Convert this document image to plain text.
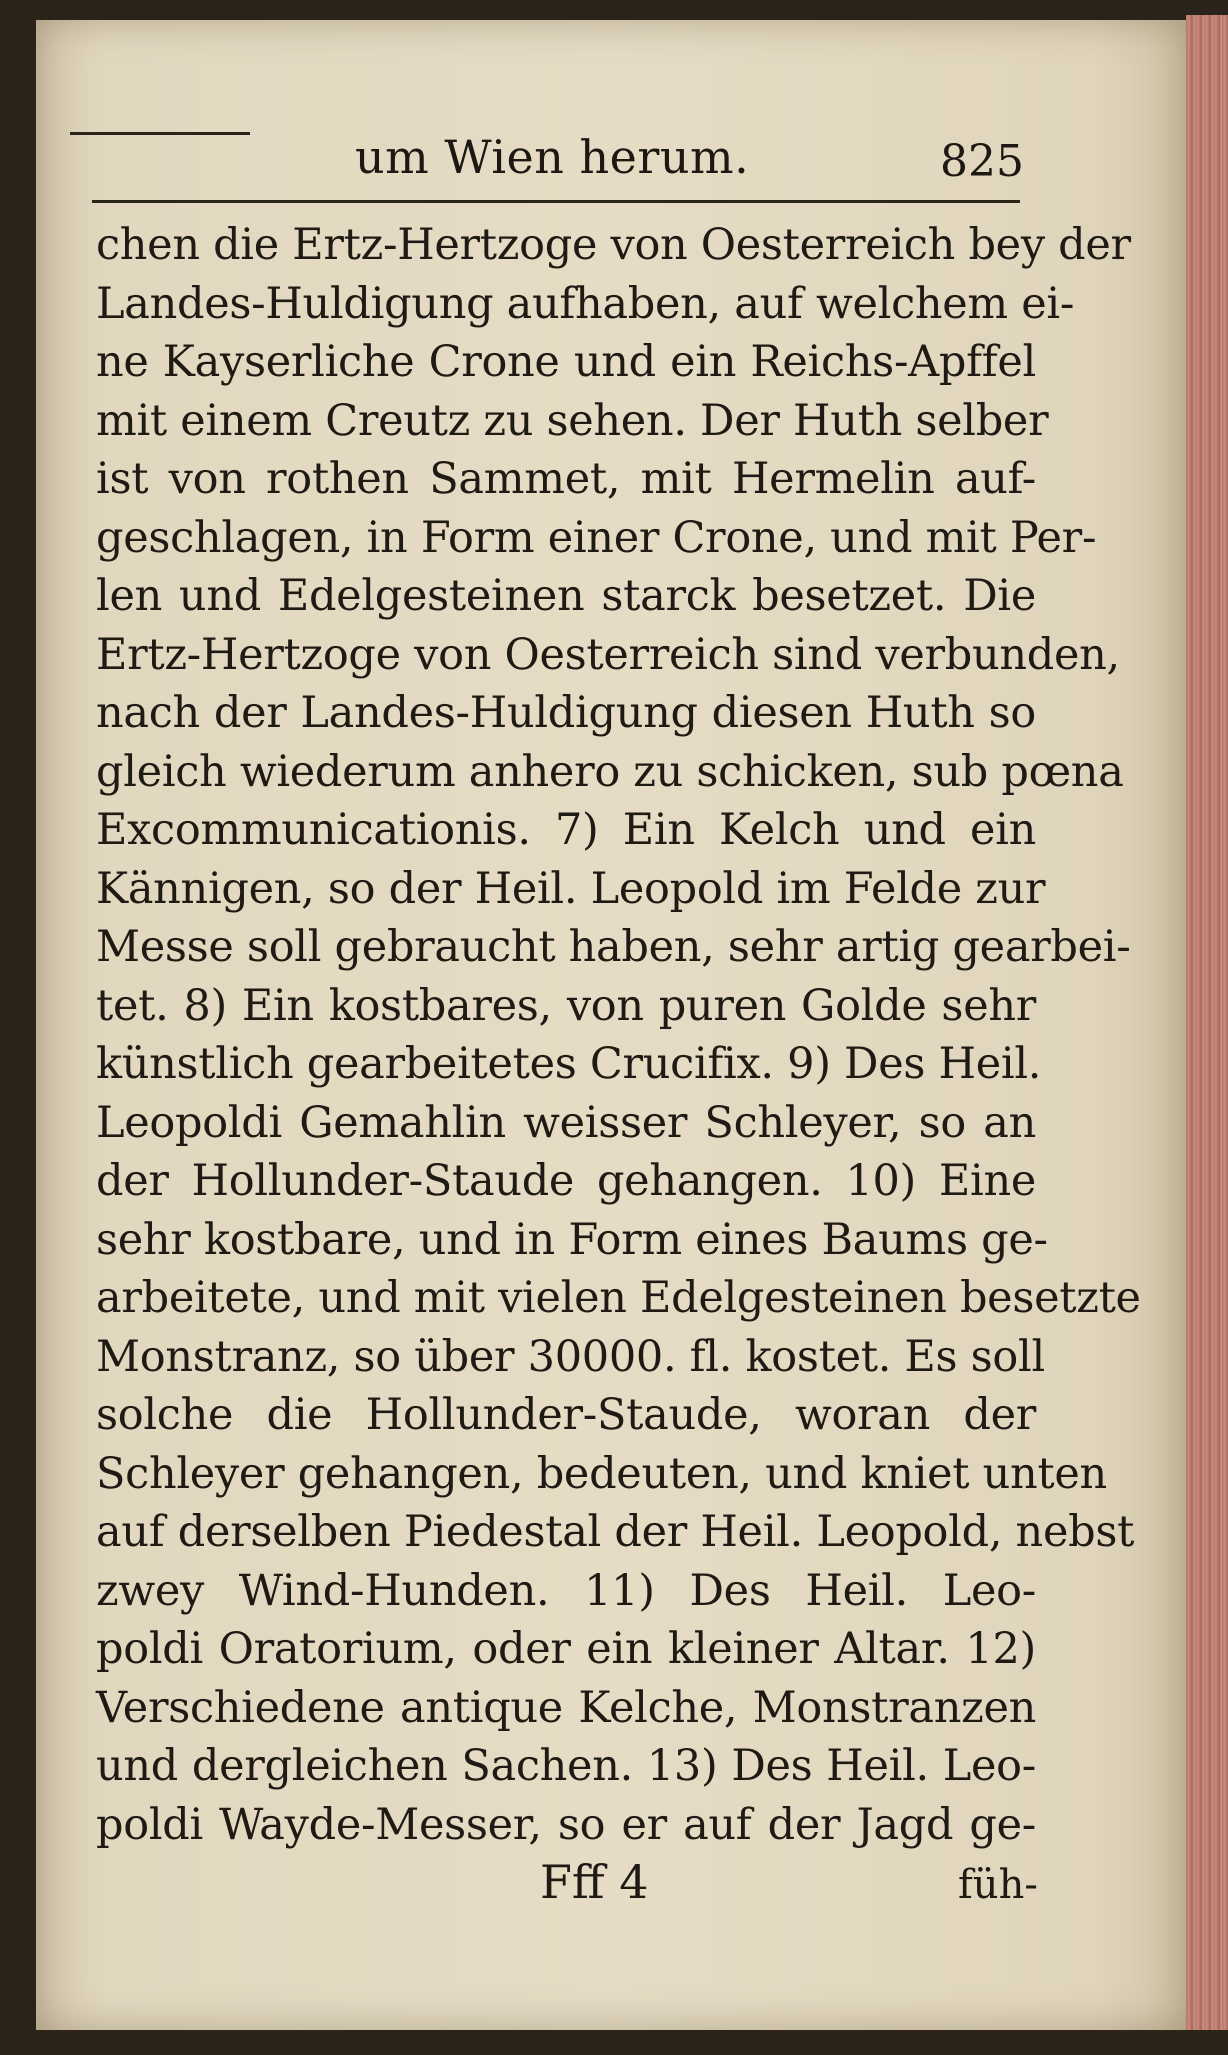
um Wien herum.	825
chen die Ertz-Hertzoge von Oesterreich bey der
Landes-Huldigung aufhaben, auf welchem ei-
ne Kayserliche Crone und ein Reichs-Apffel
mit einem Creutz zu sehen. Der Huth selber
ist von rothen Sammet, mit Hermelin auf-
geschlagen, in Form einer Crone, und mit Per-
len und Edelgesteinen starck besetzet. Die
Ertz-Hertzoge von Oesterreich sind verbunden,
nach der Landes-Huldigung diesen Huth so
gleich wiederum anhero zu schicken, sub pœna
Excommunicationis. 7) Ein Kelch und ein
Kännigen, so der Heil. Leopold im Felde zur
Messe soll gebraucht haben, sehr artig gearbei-
tet. 8) Ein kostbares, von puren Golde sehr
künstlich gearbeitetes Crucifix. 9) Des Heil.
Leopoldi Gemahlin weisser Schleyer, so an
der Hollunder-Staude gehangen. 10) Eine
sehr kostbare, und in Form eines Baums ge-
arbeitete, und mit vielen Edelgesteinen besetzte
Monstranz, so über 30000. fl. kostet. Es soll
solche die Hollunder-Staude, woran der
Schleyer gehangen, bedeuten, und kniet unten
auf derselben Piedestal der Heil. Leopold, nebst
zwey Wind-Hunden. 11) Des Heil. Leo-
poldi Oratorium, oder ein kleiner Altar. 12)
Verschiedene antique Kelche, Monstranzen
und dergleichen Sachen. 13) Des Heil. Leo-
poldi Wayde-Messer, so er auf der Jagd ge-
Fff 4	füh-
